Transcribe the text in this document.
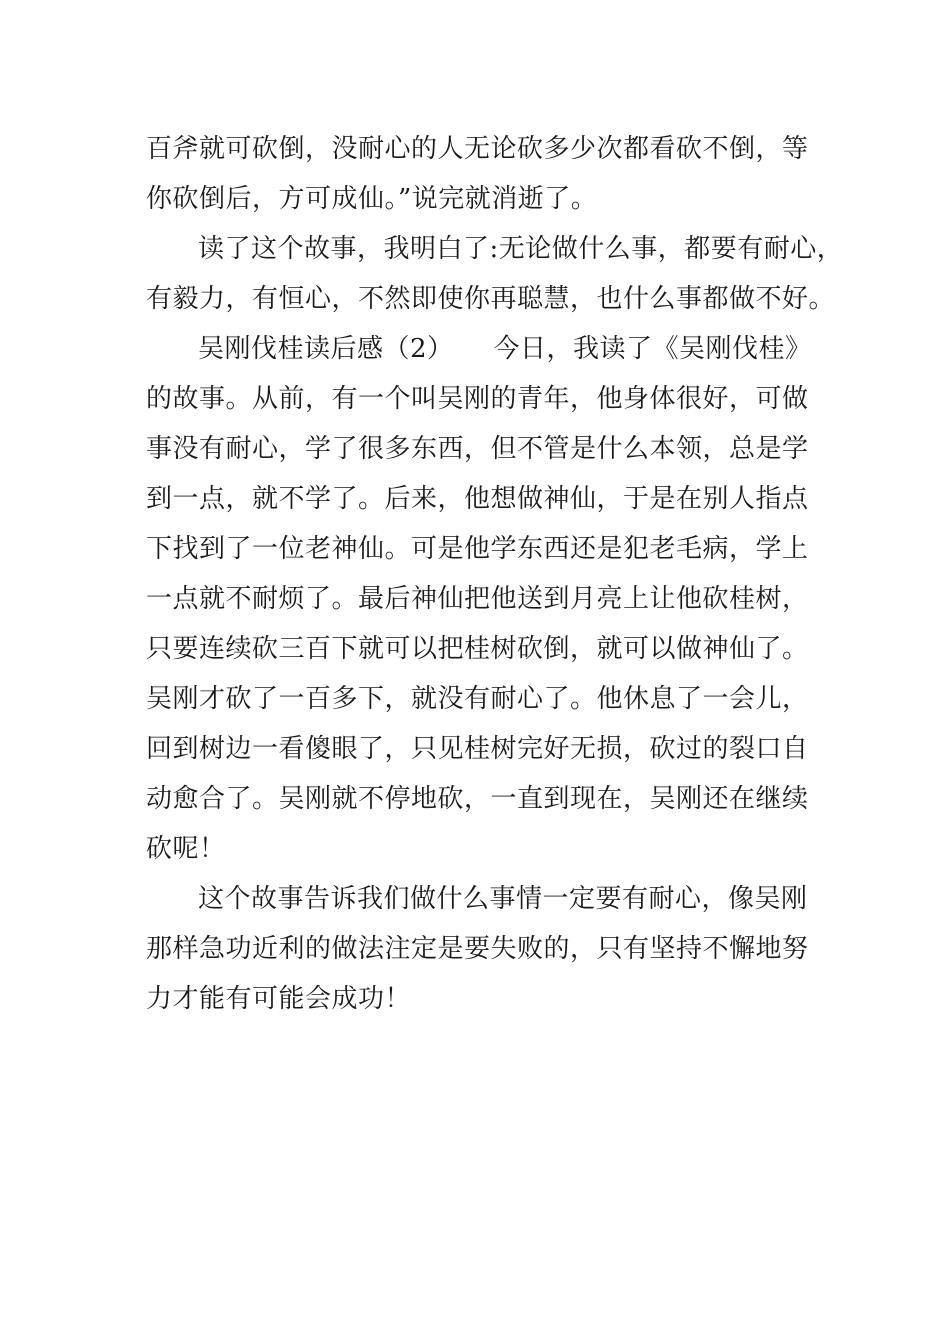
百斧就可砍倒，没耐心的人无论砍多少次都看砍不倒，等
你砍倒后，方可成仙。”说完就消逝了。
读了这个故事，我明白了:无论做什么事，都要有耐心，
有毅力，有恒心，不然即使你再聪慧，也什么事都做不好。
吴刚伐桂读后感（2）　　今日，我读了《吴刚伐桂》
的故事。从前，有一个叫吴刚的青年，他身体很好，可做
事没有耐心，学了很多东西，但不管是什么本领，总是学
到一点，就不学了。后来，他想做神仙，于是在别人指点
下找到了一位老神仙。可是他学东西还是犯老毛病，学上
一点就不耐烦了。最后神仙把他送到月亮上让他砍桂树，
只要连续砍三百下就可以把桂树砍倒，就可以做神仙了。
吴刚才砍了一百多下，就没有耐心了。他休息了一会儿，
回到树边一看傻眼了，只见桂树完好无损，砍过的裂口自
动愈合了。吴刚就不停地砍，一直到现在，吴刚还在继续
砍呢！
这个故事告诉我们做什么事情一定要有耐心，像吴刚
那样急功近利的做法注定是要失败的，只有坚持不懈地努
力才能有可能会成功！
